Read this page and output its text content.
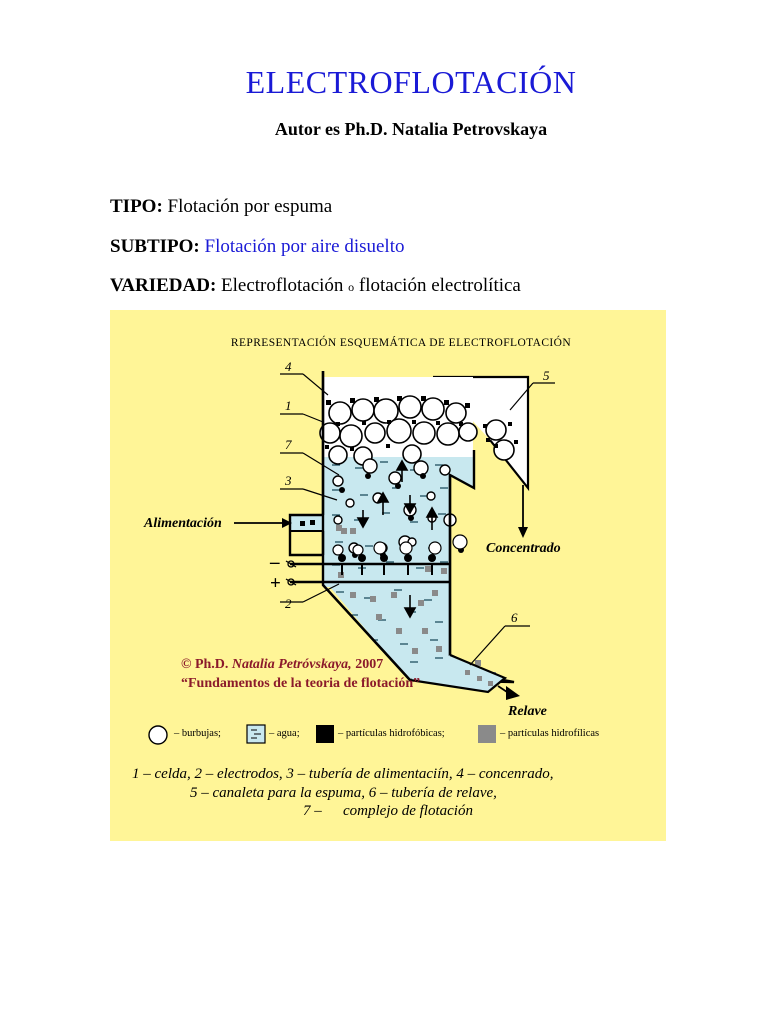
ELECTROFLOTACIÓN
Autor es Ph.D. Natalia Petrovskaya
TIPO: Flotación por espuma
SUBTIPO: Flotación por aire disuelto
VARIEDAD: Electroflotación o flotación electrolítica
REPRESENTACIÓN ESQUEMÁTICA DE ELECTROFLOTACIÓN
–
+
4
1
7
3
5
2
6
Alimentación
Concentrado
Relave
© Ph.D. Natalia Petróvskaya, 2007
“Fundamentos de la teoria de flotación”
– burbujas;	– agua;	– partículas hidrofóbicas;	– partículas hidrofílicas
1 – celda, 2 – electrodos, 3 – tubería de alimentaciín, 4 – concenrado,
5 – canaleta para la espuma, 6 – tubería de relave,
7 – complejo de flotación
